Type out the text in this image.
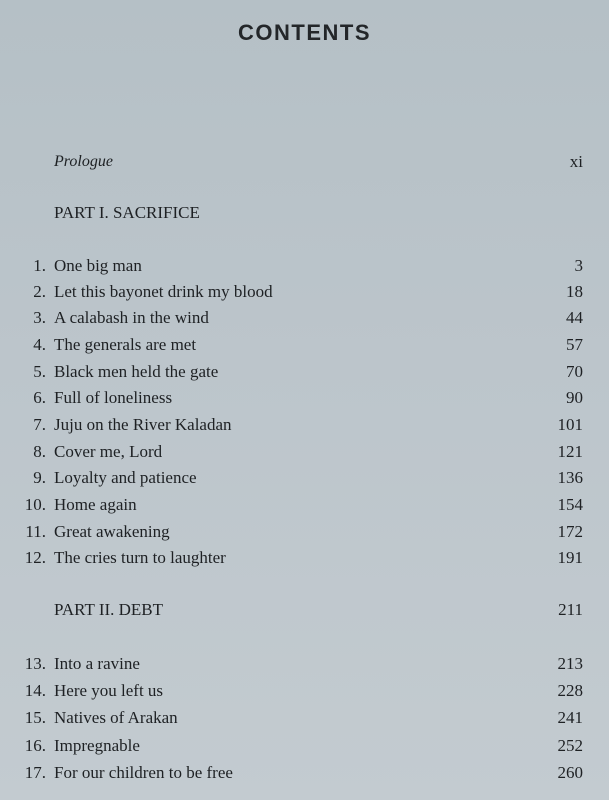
CONTENTS
Prologue	xi
PART I. SACRIFICE
1. One big man	3
2. Let this bayonet drink my blood	18
3. A calabash in the wind	44
4. The generals are met	57
5. Black men held the gate	70
6. Full of loneliness	90
7. Juju on the River Kaladan	101
8. Cover me, Lord	121
9. Loyalty and patience	136
10. Home again	154
11. Great awakening	172
12. The cries turn to laughter	191
PART II. DEBT	211
13. Into a ravine	213
14. Here you left us	228
15. Natives of Arakan	241
16. Impregnable	252
17. For our children to be free	260
